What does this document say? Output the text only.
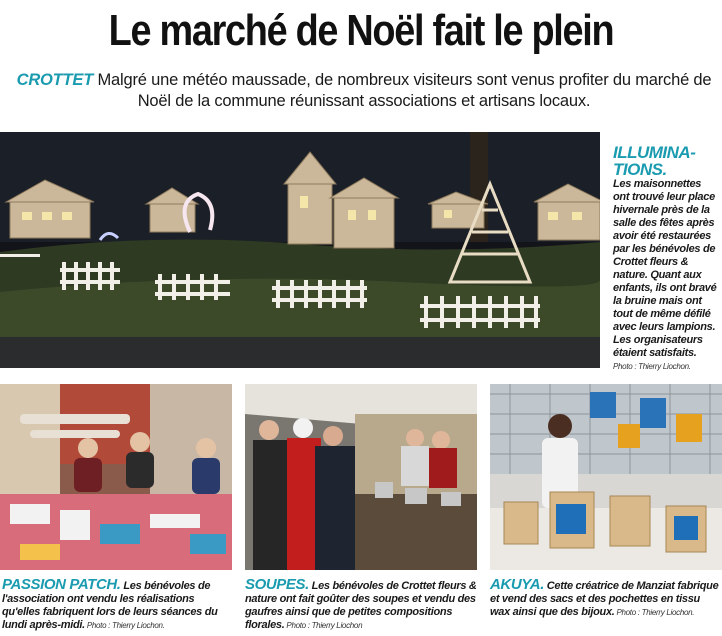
Le marché de Noël fait le plein

CROTTET Malgré une météo maussade, de nombreux visiteurs sont venus profiter du marché de Noël de la commune réunissant associations et artisans locaux.

ILLUMINA-TIONS.
Les maisonnettes ont trouvé leur place hivernale près de la salle des fêtes après avoir été restaurées par les bénévoles de Crottet fleurs & nature. Quant aux enfants, ils ont bravé la bruine mais ont tout de même défilé avec leurs lampions. Les organisateurs étaient satisfaits. Photo : Thierry Liochon.

PASSION PATCH. Les bénévoles de l'association ont vendu les réalisations qu'elles fabriquent lors de leurs séances du lundi après-midi. Photo : Thierry Liochon.

SOUPES. Les bénévoles de Crottet fleurs & nature ont fait goûter des soupes et vendu des gaufres ainsi que de petites compositions florales. Photo : Thierry Liochon

AKUYA. Cette créatrice de Manziat fabrique et vend des sacs et des pochettes en tissu wax ainsi que des bijoux. Photo : Thierry Liochon.
